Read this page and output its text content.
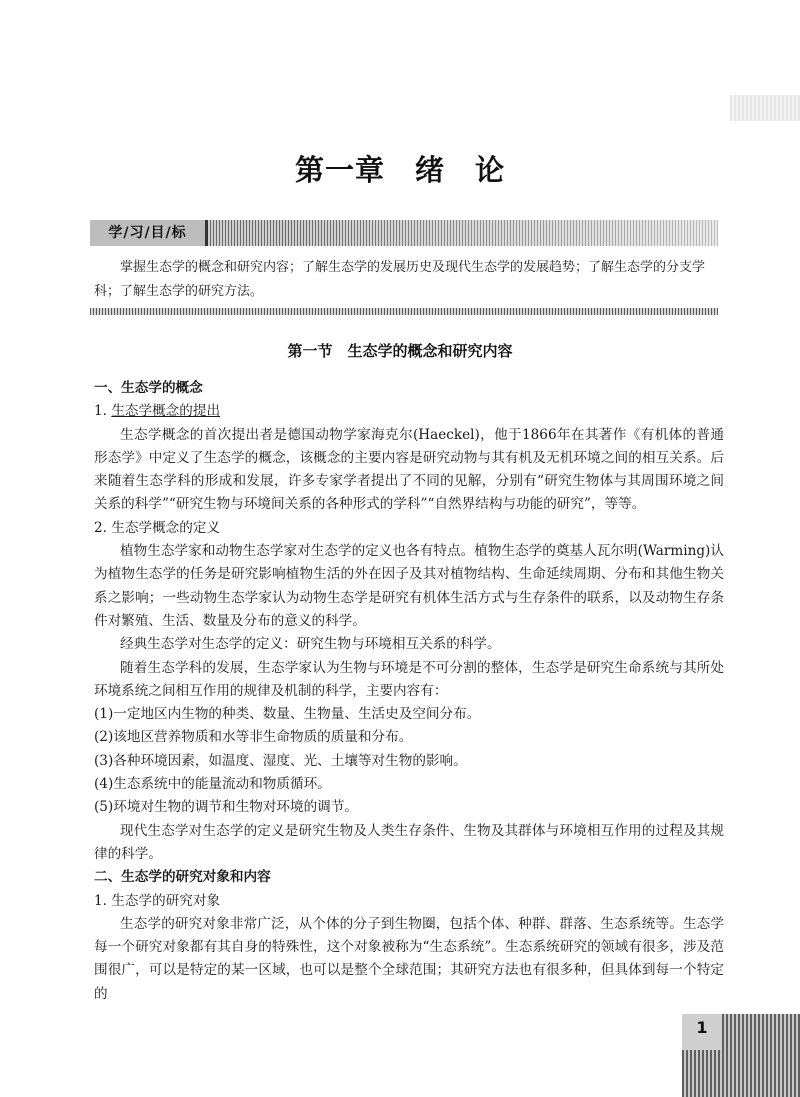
第一章　绪　论
学/习/目/标
掌握生态学的概念和研究内容；了解生态学的发展历史及现代生态学的发展趋势；了解生态学的分支学科；了解生态学的研究方法。
第一节　生态学的概念和研究内容

一、生态学的概念

1. 生态学概念的提出

生态学概念的首次提出者是德国动物学家海克尔(Haeckel)，他于1866年在其著作《有机体的普通形态学》中定义了生态学的概念，该概念的主要内容是研究动物与其有机及无机环境之间的相互关系。后来随着生态学科的形成和发展，许多专家学者提出了不同的见解，分别有“研究生物体与其周围环境之间关系的科学”“研究生物与环境间关系的各种形式的学科”“自然界结构与功能的研究”，等等。

2. 生态学概念的定义

植物生态学家和动物生态学家对生态学的定义也各有特点。植物生态学的奠基人瓦尔明(Warming)认为植物生态学的任务是研究影响植物生活的外在因子及其对植物结构、生命延续周期、分布和其他生物关系之影响；一些动物生态学家认为动物生态学是研究有机体生活方式与生存条件的联系，以及动物生存条件对繁殖、生活、数量及分布的意义的科学。

经典生态学对生态学的定义：研究生物与环境相互关系的科学。

随着生态学科的发展，生态学家认为生物与环境是不可分割的整体，生态学是研究生命系统与其所处环境系统之间相互作用的规律及机制的科学，主要内容有：

(1)一定地区内生物的种类、数量、生物量、生活史及空间分布。

(2)该地区营养物质和水等非生命物质的质量和分布。

(3)各种环境因素，如温度、湿度、光、土壤等对生物的影响。

(4)生态系统中的能量流动和物质循环。

(5)环境对生物的调节和生物对环境的调节。

现代生态学对生态学的定义是研究生物及人类生存条件、生物及其群体与环境相互作用的过程及其规律的科学。

二、生态学的研究对象和内容

1. 生态学的研究对象

生态学的研究对象非常广泛，从个体的分子到生物圈，包括个体、种群、群落、生态系统等。生态学每一个研究对象都有其自身的特殊性，这个对象被称为“生态系统”。生态系统研究的领域有很多，涉及范围很广，可以是特定的某一区域，也可以是整个全球范围；其研究方法也有很多种，但具体到每一个特定的

1
